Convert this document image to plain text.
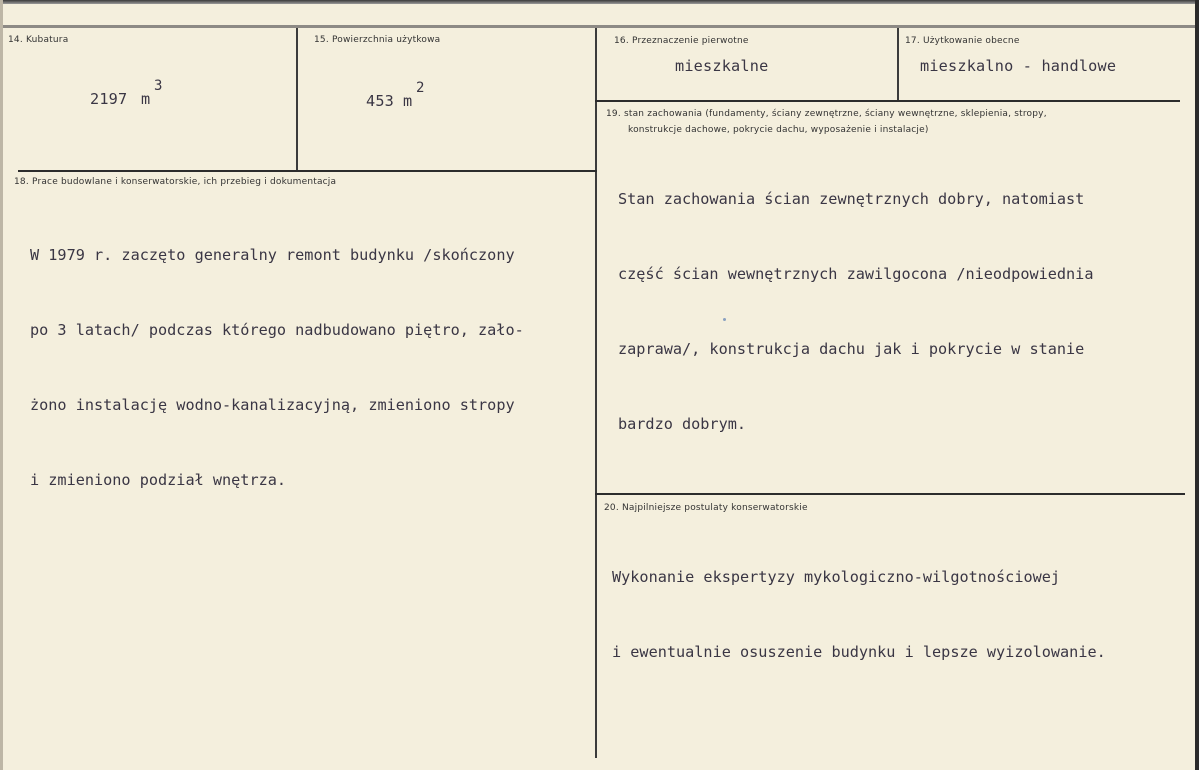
14. Kubatura
2197 m
3
15. Powierzchnia użytkowa
453 m
2
16. Przeznaczenie pierwotne
mieszkalne
17. Użytkowanie obecne
mieszkalno - handlowe
18. Prace budowlane i konserwatorskie, ich przebieg i dokumentacja

W 1979 r. zaczęto generalny remont budynku /skończony

po 3 latach/ podczas którego nadbudowano piętro, zało-

żono instalację wodno-kanalizacyjną, zmieniono stropy

i zmieniono podział wnętrza.

19. stan zachowania (fundamenty, ściany zewnętrzne, ściany wewnętrzne, sklepienia, stropy,
konstrukcje dachowe, pokrycie dachu, wyposażenie i instalacje)

Stan zachowania ścian zewnętrznych dobry, natomiast

część ścian wewnętrznych zawilgocona /nieodpowiednia

zaprawa/, konstrukcja dachu jak i pokrycie w stanie

bardzo dobrym.

20. Najpilniejsze postulaty konserwatorskie

Wykonanie ekspertyzy mykologiczno-wilgotnościowej

i ewentualnie osuszenie budynku i lepsze wyizolowanie.
